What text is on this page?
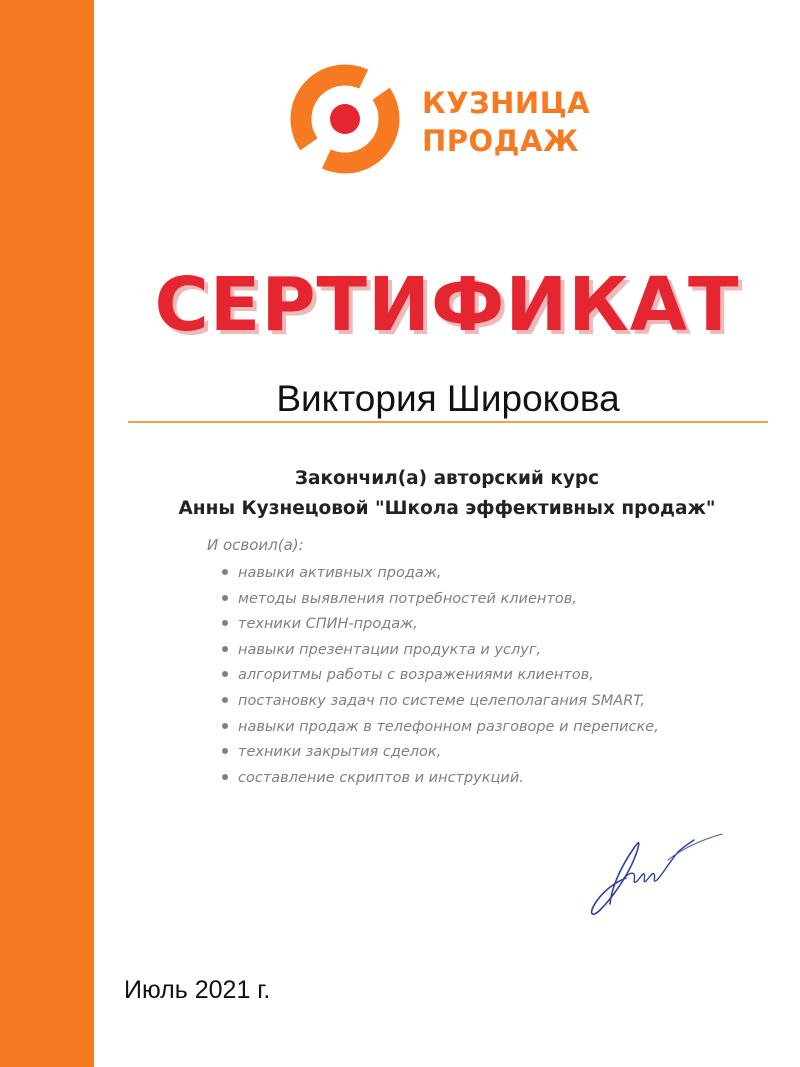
КУЗНИЦА
ПРОДАЖ
СЕРТИФИКАТ
Виктория Широкова
Закончил(а) авторский курс
Анны Кузнецовой "Школа эффективных продаж"
И освоил(а):
навыки активных продаж,
методы выявления потребностей клиентов,
техники СПИН-продаж,
навыки презентации продукта и услуг,
алгоритмы работы с возражениями клиентов,
постановку задач по системе целеполагания SMART,
навыки продаж в телефонном разговоре и переписке,
техники закрытия сделок,
составление скриптов и инструкций.
Июль 2021 г.
